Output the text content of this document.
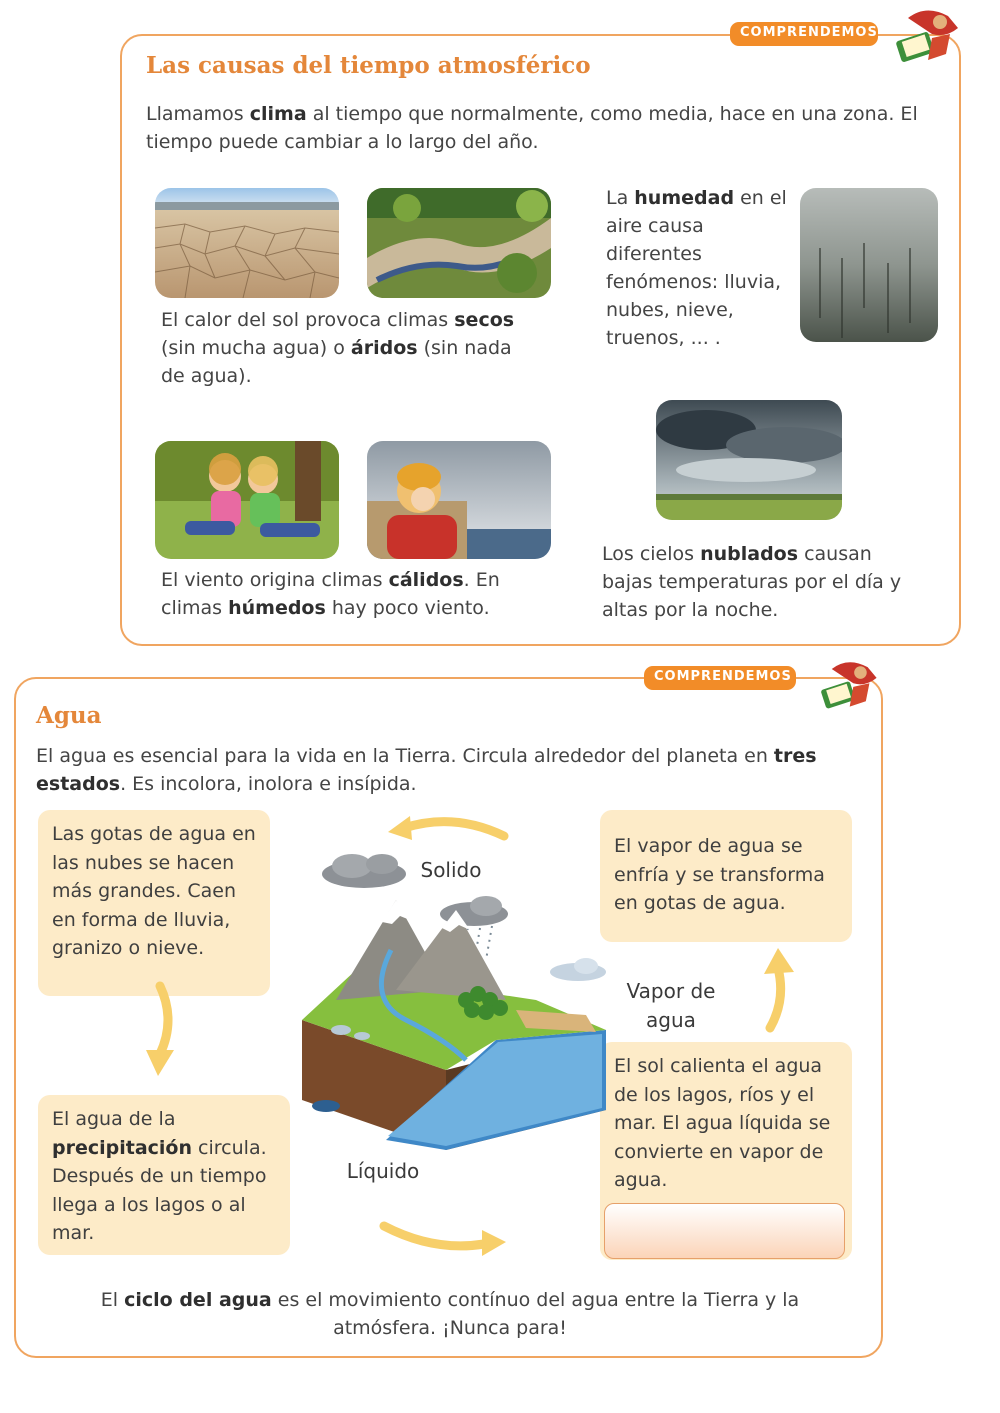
COMPRENDEMOS
Las causas del tiempo atmosférico
Llamamos clima al tiempo que normalmente, como media, hace en una zona. El tiempo puede cambiar a lo largo del año.
El calor del sol provoca climas secos (sin mucha agua) o áridos (sin nada de agua).
La humedad en el aire causa diferentes fenómenos: lluvia, nubes, nieve, truenos, ... .
El viento origina climas cálidos. En climas húmedos hay poco viento.
Los cielos nublados causan bajas temperaturas por el día y altas por la noche.
COMPRENDEMOS
Agua
El agua es esencial para la vida en la Tierra. Circula alrededor del planeta en tres estados. Es incolora, inolora e insípida.
Las gotas de agua en las nubes se hacen más grandes. Caen en forma de lluvia, granizo o nieve.
El agua de la precipitación circula. Después de un tiempo llega a los lagos o al mar.
El vapor de agua se enfría y se transforma en gotas de agua.
El sol calienta el agua de los lagos, ríos y el mar. El agua líquida se convierte en vapor de agua.
Solido
Vapor de agua
Líquido
El ciclo del agua es el movimiento contínuo del agua entre la Tierra y la atmósfera. ¡Nunca para!
